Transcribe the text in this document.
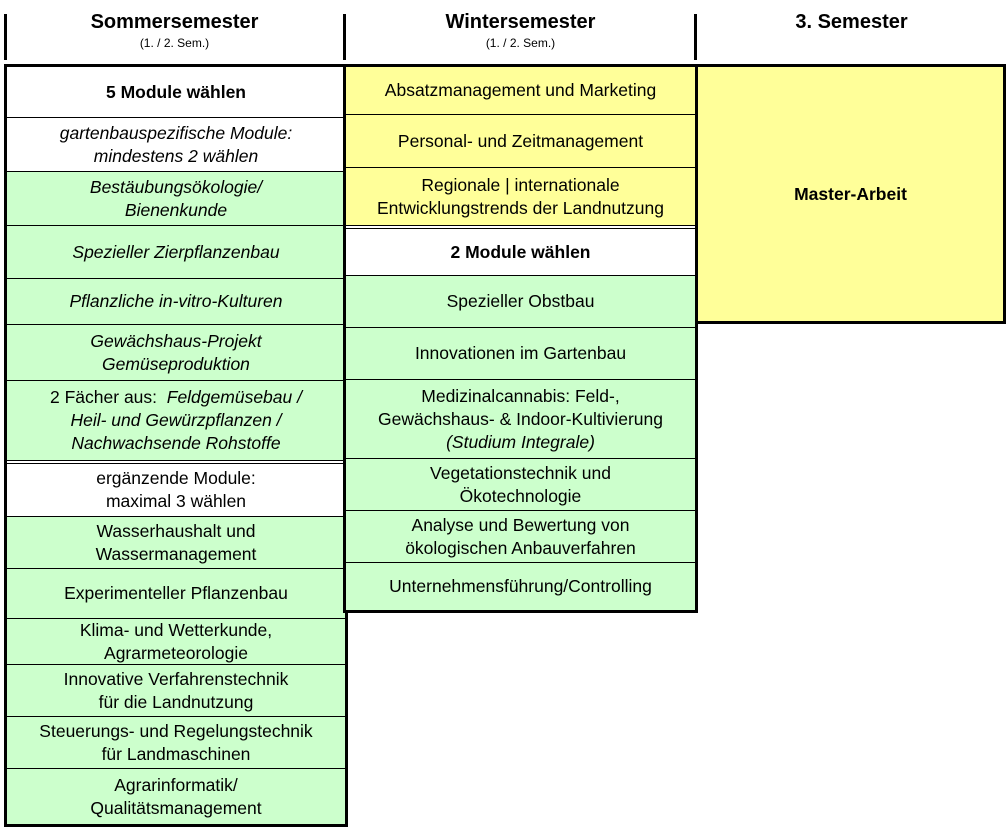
Sommersemester
(1. / 2. Sem.)
Wintersemester
(1. / 2. Sem.)
3. Semester
5 Module wählen
gartenbauspezifische Module:
mindestens 2 wählen
Bestäubungsökologie/
Bienenkunde
Spezieller Zierpflanzenbau
Pflanzliche in-vitro-Kulturen
Gewächshaus-Projekt
Gemüseproduktion
2 Fächer aus:  Feldgemüsebau /
Heil- und Gewürzpflanzen /
Nachwachsende Rohstoffe
ergänzende Module:
maximal 3 wählen
Wasserhaushalt und
Wassermanagement
Experimenteller Pflanzenbau
Klima- und Wetterkunde,
Agrarmeteorologie
Innovative Verfahrenstechnik
für die Landnutzung
Steuerungs- und Regelungstechnik
für Landmaschinen
Agrarinformatik/
Qualitätsmanagement
Absatzmanagement und Marketing
Personal- und Zeitmanagement
Regionale | internationale
Entwicklungstrends der Landnutzung
2 Module wählen
Spezieller Obstbau
Innovationen im Gartenbau
Medizinalcannabis: Feld-,
Gewächshaus- & Indoor-Kultivierung
(Studium Integrale)
Vegetationstechnik und
Ökotechnologie
Analyse und Bewertung von
ökologischen Anbauverfahren
Unternehmensführung/Controlling
Master-Arbeit
